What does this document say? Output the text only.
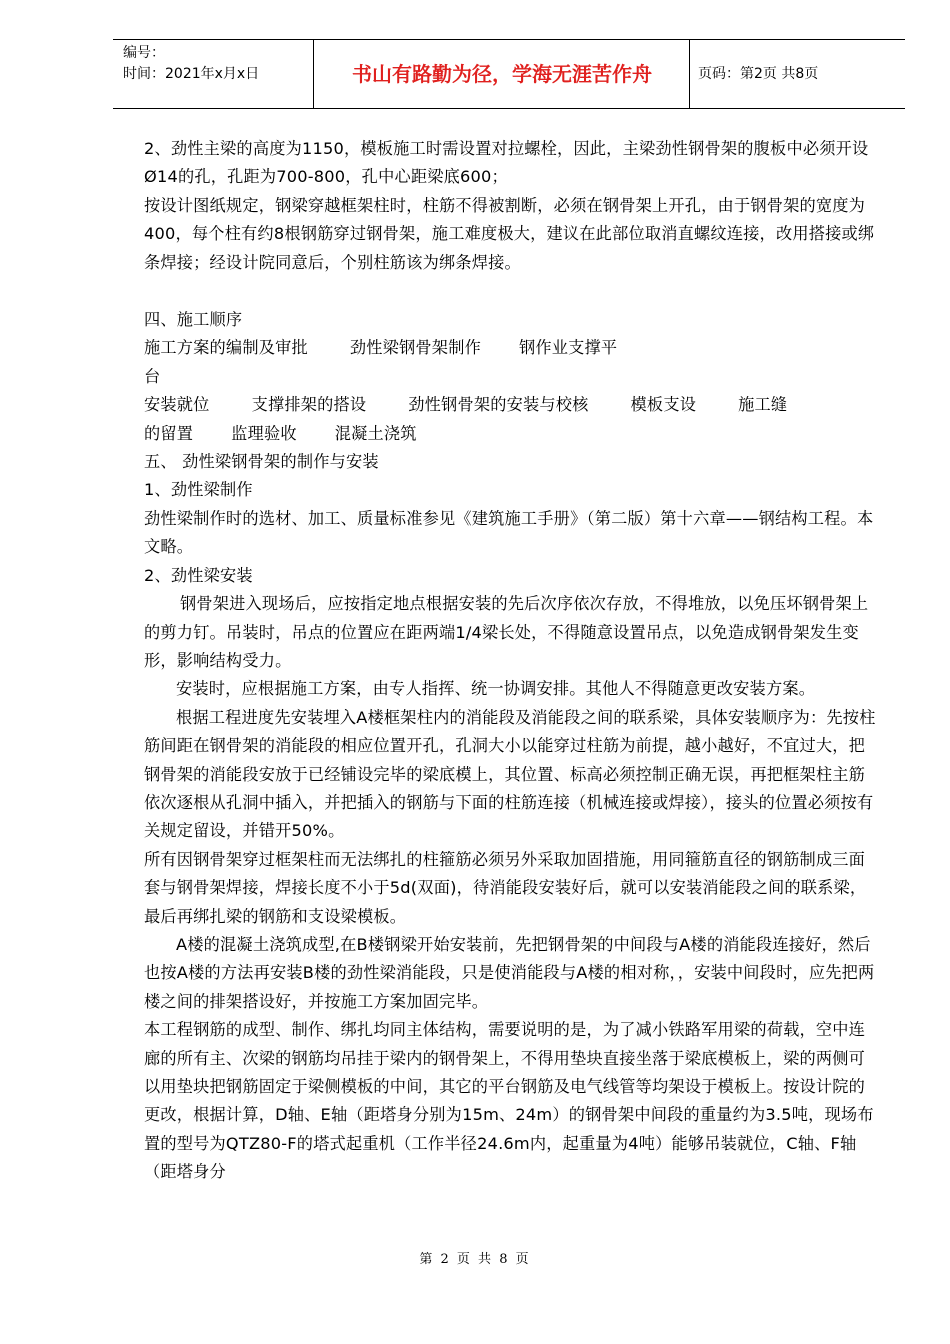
编号：
时间：2021年x月x日	书山有路勤为径，学海无涯苦作舟	页码：第2页 共8页

2、劲性主梁的高度为1150，模板施工时需设置对拉螺栓，因此，主梁劲性钢骨架的腹板中必须开设Ø14的孔，孔距为700-800，孔中心距梁底600；

按设计图纸规定，钢梁穿越框架柱时，柱筋不得被割断，必须在钢骨架上开孔，由于钢骨架的宽度为400，每个柱有约8根钢筋穿过钢骨架，施工难度极大，建议在此部位取消直螺纹连接，改用搭接或绑条焊接；经设计院同意后，个别柱筋该为绑条焊接。

四、施工顺序

施工方案的编制及审批	劲性梁钢骨架制作 钢作业支撑平

台

安装就位	支撑排架的搭设	劲性钢骨架的安装与校核	模板支设	施工缝

的留置 监理验收 混凝土浇筑

五、 劲性梁钢骨架的制作与安装

1、劲性梁制作

劲性梁制作时的选材、加工、质量标准参见《建筑施工手册》（第二版）第十六章——钢结构工程。本文略。

2、劲性梁安装

钢骨架进入现场后，应按指定地点根据安装的先后次序依次存放，不得堆放，以免压坏钢骨架上的剪力钉。吊装时，吊点的位置应在距两端1/4梁长处，不得随意设置吊点，以免造成钢骨架发生变形，影响结构受力。

安装时，应根据施工方案，由专人指挥、统一协调安排。其他人不得随意更改安装方案。

根据工程进度先安装埋入A楼框架柱内的消能段及消能段之间的联系梁，具体安装顺序为：先按柱筋间距在钢骨架的消能段的相应位置开孔，孔洞大小以能穿过柱筋为前提，越小越好，不宜过大，把钢骨架的消能段安放于已经铺设完毕的梁底模上，其位置、标高必须控制正确无误，再把框架柱主筋依次逐根从孔洞中插入，并把插入的钢筋与下面的柱筋连接（机械连接或焊接），接头的位置必须按有关规定留设，并错开50%。

所有因钢骨架穿过框架柱而无法绑扎的柱箍筋必须另外采取加固措施，用同箍筋直径的钢筋制成三面套与钢骨架焊接，焊接长度不小于5d(双面)，待消能段安装好后，就可以安装消能段之间的联系梁，最后再绑扎梁的钢筋和支设梁模板。

A楼的混凝土浇筑成型,在B楼钢梁开始安装前，先把钢骨架的中间段与A楼的消能段连接好，然后也按A楼的方法再安装B楼的劲性梁消能段，只是使消能段与A楼的相对称，，安装中间段时，应先把两楼之间的排架搭设好，并按施工方案加固完毕。

本工程钢筋的成型、制作、绑扎均同主体结构，需要说明的是，为了减小铁路军用梁的荷载，空中连廊的所有主、次梁的钢筋均吊挂于梁内的钢骨架上，不得用垫块直接坐落于梁底模板上，梁的两侧可以用垫块把钢筋固定于梁侧模板的中间，其它的平台钢筋及电气线管等均架设于模板上。按设计院的更改，根据计算，D轴、E轴（距塔身分别为15m、24m）的钢骨架中间段的重量约为3.5吨，现场布置的型号为QTZ80-F的塔式起重机（工作半径24.6m内，起重量为4吨）能够吊装就位，C轴、F轴（距塔身分

第 2 页 共 8 页
